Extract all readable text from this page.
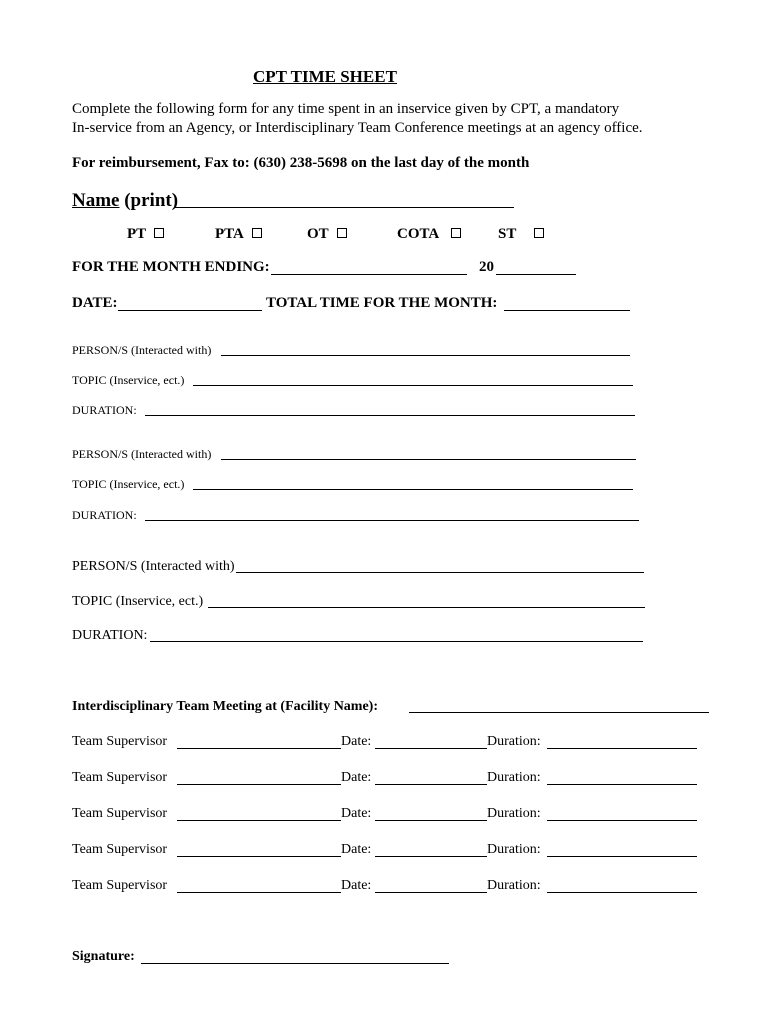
CPT TIME SHEET
Complete the following form for any time spent in an inservice given by CPT, a mandatory
In-service from an Agency, or Interdisciplinary Team Conference meetings at an agency office.
For reimbursement, Fax to: (630) 238-5698 on the last day of the month
Name (print)
PT	PTA	OT	COTA	ST
FOR THE MONTH ENDING:	20
DATE:	TOTAL TIME FOR THE MONTH:
PERSON/S (Interacted with)
TOPIC (Inservice, ect.)
DURATION:
PERSON/S (Interacted with)
TOPIC (Inservice, ect.)
DURATION:
PERSON/S (Interacted with)
TOPIC (Inservice, ect.)
DURATION:
Interdisciplinary Team Meeting at (Facility Name):
Team Supervisor	Date:	Duration:
Team Supervisor	Date:	Duration:
Team Supervisor	Date:	Duration:
Team Supervisor	Date:	Duration:
Team Supervisor	Date:	Duration:
Signature:
